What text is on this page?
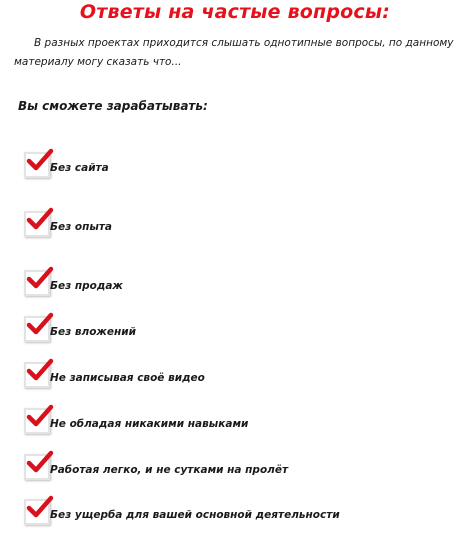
Ответы на частые вопросы:
В разных проектах приходится слышать однотипные вопросы, по данному материалу могу сказать что...
Вы сможете зарабатывать:
Без сайта
Без опыта
Без продаж
Без вложений
Не записывая своё видео
Не обладая никакими навыками
Работая легко, и не сутками на пролёт
Без ущерба для вашей основной деятельности
